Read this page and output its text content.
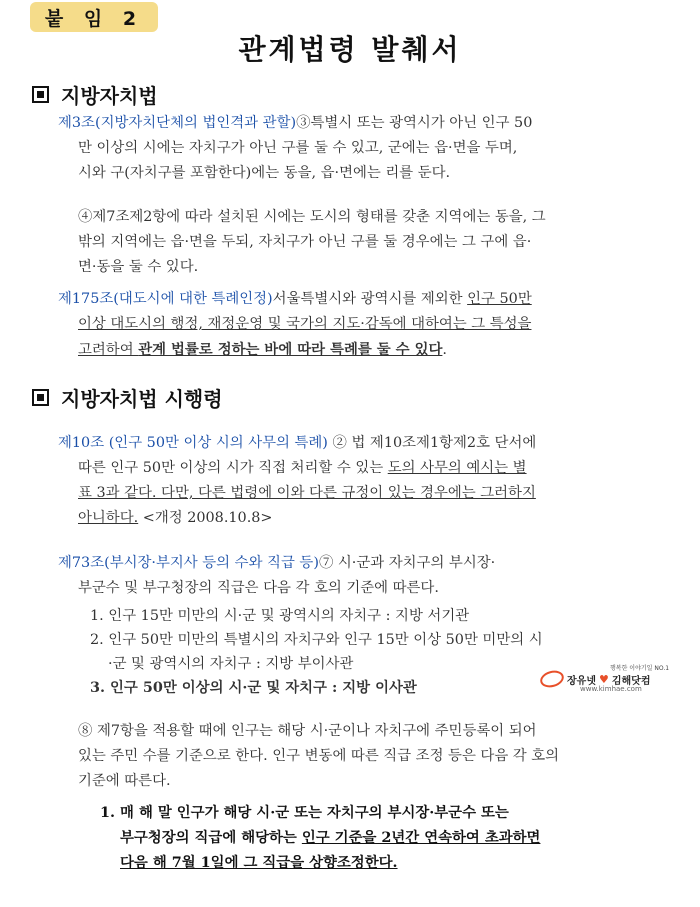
붙 임 2
관계법령 발췌서
지방자치법
제3조(지방자치단체의 법인격과 관할)③특별시 또는 광역시가 아닌 인구 50
만 이상의 시에는 자치구가 아닌 구를 둘 수 있고, 군에는 읍·면을 두며,
시와 구(자치구를 포함한다)에는 동을, 읍·면에는 리를 둔다.
④제7조제2항에 따라 설치된 시에는 도시의 형태를 갖춘 지역에는 동을, 그
밖의 지역에는 읍·면을 두되, 자치구가 아닌 구를 둘 경우에는 그 구에 읍·
면·동을 둘 수 있다.
제175조(대도시에 대한 특례인정)서울특별시와 광역시를 제외한 인구 50만
이상 대도시의 행정, 재정운영 및 국가의 지도·감독에 대하여는 그 특성을
고려하여 관계 법률로 정하는 바에 따라 특례를 둘 수 있다.
지방자치법 시행령
제10조 (인구 50만 이상 시의 사무의 특례) ② 법 제10조제1항제2호 단서에
따른 인구 50만 이상의 시가 직접 처리할 수 있는 도의 사무의 예시는 별
표 3과 같다. 다만, 다른 법령에 이와 다른 규정이 있는 경우에는 그러하지
아니하다. <개정 2008.10.8>
제73조(부시장·부지사 등의 수와 직급 등)⑦ 시·군과 자치구의 부시장·
부군수 및 부구청장의 직급은 다음 각 호의 기준에 따른다.
1. 인구 15만 미만의 시·군 및 광역시의 자치구 : 지방 서기관
2. 인구 50만 미만의 특별시의 자치구와 인구 15만 이상 50만 미만의 시
·군 및 광역시의 자치구 : 지방 부이사관
3. 인구 50만 이상의 시·군 및 자치구 : 지방 이사관
행복한 이야기일 NO.1
장유넷 ♥ 김해닷컴
www.kimhae.com
⑧ 제7항을 적용할 때에 인구는 해당 시·군이나 자치구에 주민등록이 되어
있는 주민 수를 기준으로 한다. 인구 변동에 따른 직급 조정 등은 다음 각 호의
기준에 따른다.
1. 매 해 말 인구가 해당 시·군 또는 자치구의 부시장·부군수 또는
부구청장의 직급에 해당하는 인구 기준을 2년간 연속하여 초과하면
다음 해 7월 1일에 그 직급을 상향조정한다.
